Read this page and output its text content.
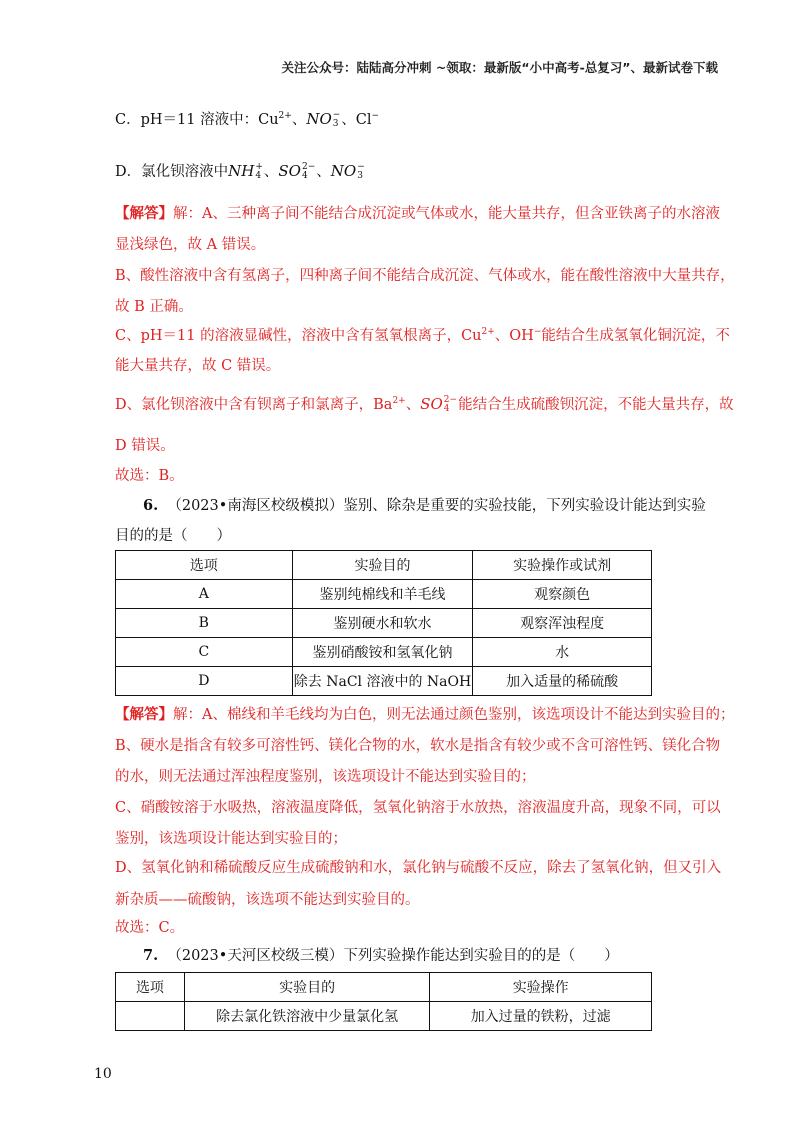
关注公众号：陆陆高分冲刺 ~领取：最新版“小中高考-总复习”、最新试卷下载
C．pH＝11 溶液中：$Cu^{2+}$、NO −
3 、Cl−
D．氯化钡溶液中NH +
4 、SO 2−
4 、NO −
3
【解答】解：A、三种离子间不能结合成沉淀或气体或水，能大量共存，但含亚铁离子的水溶液
显浅绿色，故 A 错误。
B、酸性溶液中含有氢离子，四种离子间不能结合成沉淀、气体或水，能在酸性溶液中大量共存，
故 B 正确。
C、pH＝11 的溶液显碱性，溶液中含有氢氧根离子，$Cu^{2+}$、OH−能结合生成氢氧化铜沉淀，不
能大量共存，故 C 错误。
D、氯化钡溶液中含有钡离子和氯离子，$Ba^{2+}$、SO 2−
4 能结合生成硫酸钡沉淀，不能大量共存，故
D 错误。
故选：B。
6. （2023•南海区校级模拟）鉴别、除杂是重要的实验技能，下列实验设计能达到实验
目的的是（　　）
选项	实验目的	实验操作或试剂
A	鉴别纯棉线和羊毛线	观察颜色
B	鉴别硬水和软水	观察浑浊程度
C	鉴别硝酸铵和氢氧化钠	水
D	除去 NaCl 溶液中的 NaOH	加入适量的稀硫酸
【解答】解：A、棉线和羊毛线均为白色，则无法通过颜色鉴别，该选项设计不能达到实验目的；
B、硬水是指含有较多可溶性钙、镁化合物的水，软水是指含有较少或不含可溶性钙、镁化合物
的水，则无法通过浑浊程度鉴别，该选项设计不能达到实验目的；
C、硝酸铵溶于水吸热，溶液温度降低，氢氧化钠溶于水放热，溶液温度升高，现象不同，可以
鉴别，该选项设计能达到实验目的；
D、氢氧化钠和稀硫酸反应生成硫酸钠和水，氯化钠与硫酸不反应，除去了氢氧化钠，但又引入
新杂质——硫酸钠，该选项不能达到实验目的。
故选：C。
7. （2023•天河区校级三模）下列实验操作能达到实验目的的是（　　）
选项	实验目的	实验操作
	除去氯化铁溶液中少量氯化氢	加入过量的铁粉，过滤
10
